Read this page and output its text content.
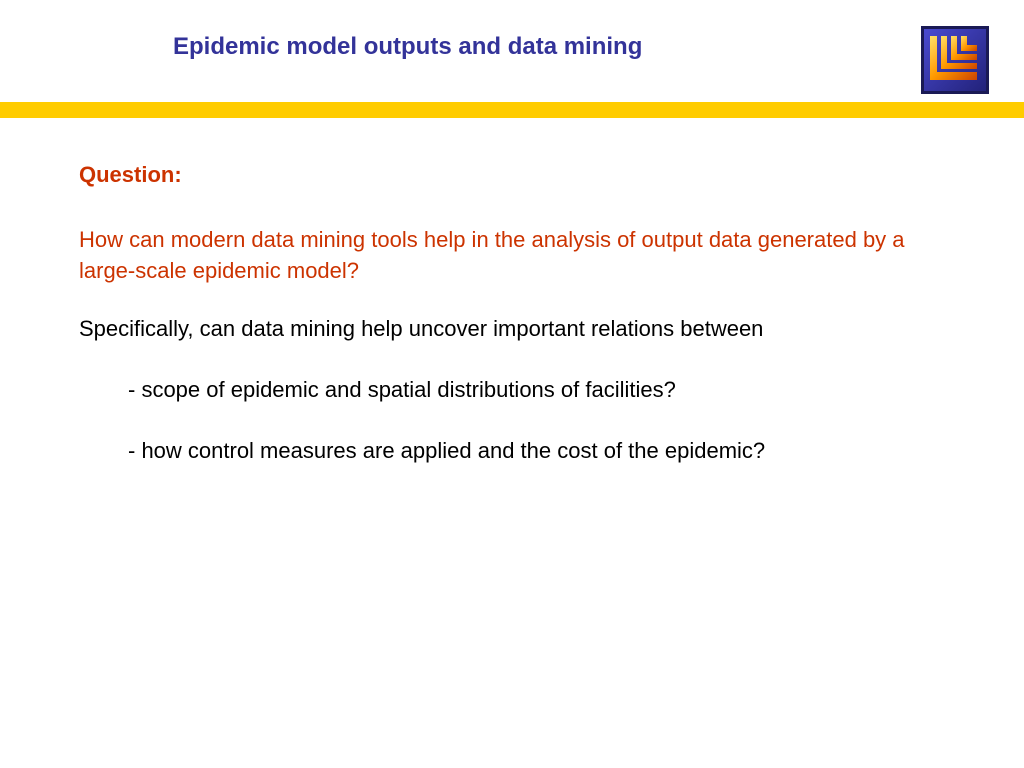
Epidemic model outputs and data mining
Question:
How can modern data mining tools help in the analysis of output data generated by a large-scale epidemic model?
Specifically, can data mining help uncover important relations between
- scope of epidemic and spatial distributions of facilities?
- how control measures are applied and the cost of the epidemic?
